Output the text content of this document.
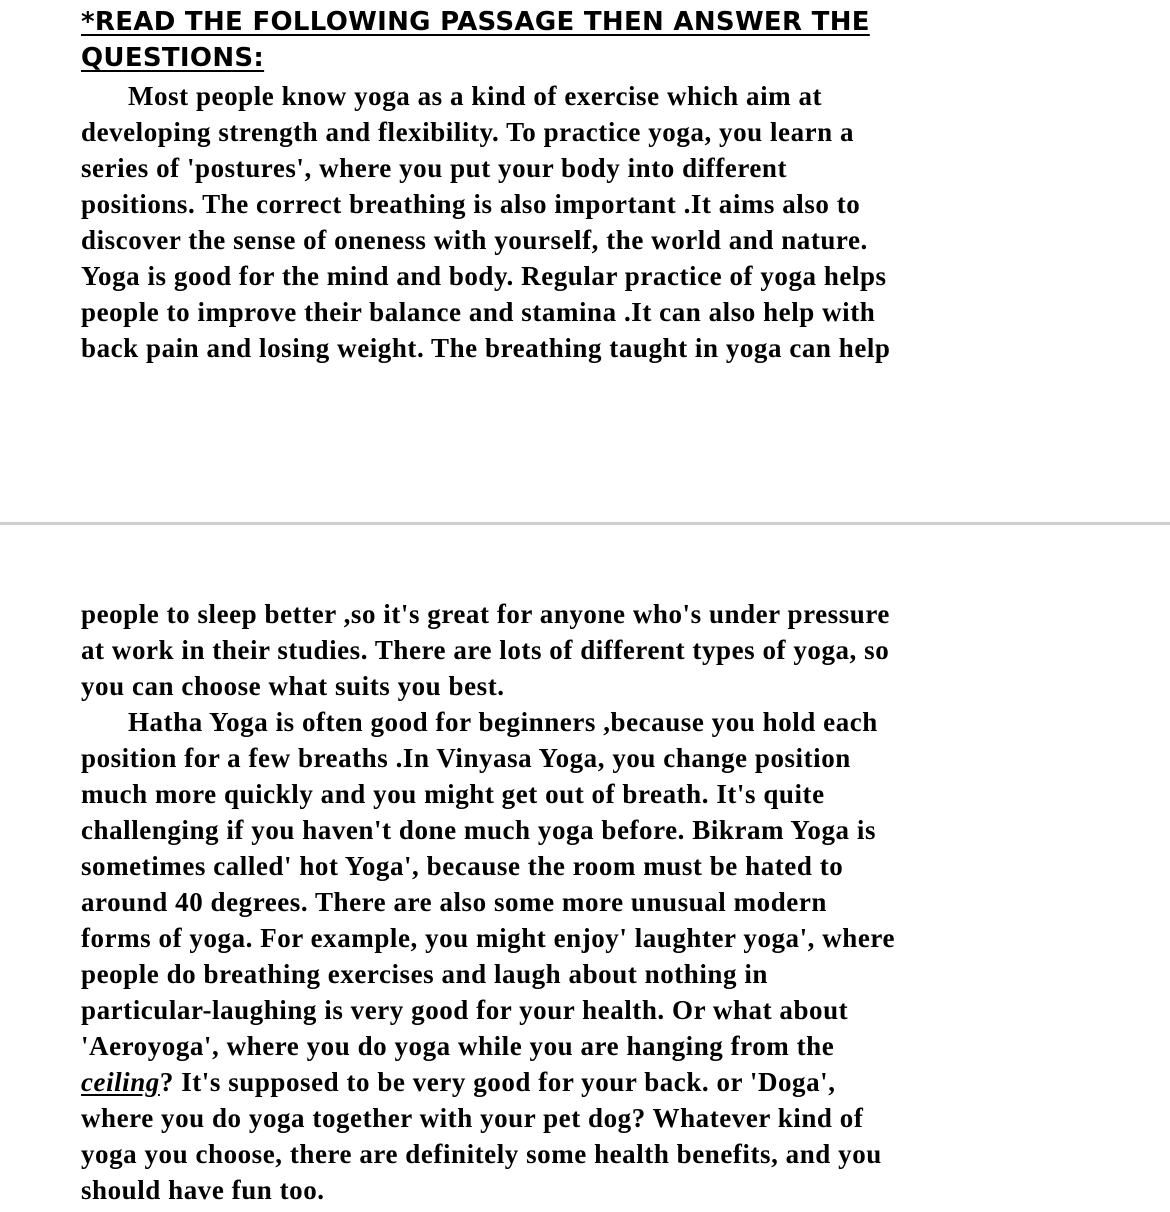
*READ THE FOLLOWING PASSAGE THEN ANSWER THE
QUESTIONS:
Most people know yoga as a kind of exercise which aim at
developing strength and flexibility. To practice yoga, you learn a
series of 'postures', where you put your body into different
positions. The correct breathing is also important .It aims also to
discover the sense of oneness with yourself, the world and nature.
Yoga is good for the mind and body. Regular practice of yoga helps
people to improve their balance and stamina .It can also help with
back pain and losing weight. The breathing taught in yoga can help
people to sleep better ,so it's great for anyone who's under pressure
at work in their studies. There are lots of different types of yoga, so
you can choose what suits you best.
Hatha Yoga is often good for beginners ,because you hold each
position for a few breaths .In Vinyasa Yoga, you change position
much more quickly and you might get out of breath. It's quite
challenging if you haven't done much yoga before. Bikram Yoga is
sometimes called' hot Yoga', because the room must be hated to
around 40 degrees. There are also some more unusual modern
forms of yoga. For example, you might enjoy' laughter yoga', where
people do breathing exercises and laugh about nothing in
particular-laughing is very good for your health. Or what about
'Aeroyoga', where you do yoga while you are hanging from the
ceiling? It's supposed to be very good for your back. or 'Doga',
where you do yoga together with your pet dog? Whatever kind of
yoga you choose, there are definitely some health benefits, and you
should have fun too.
